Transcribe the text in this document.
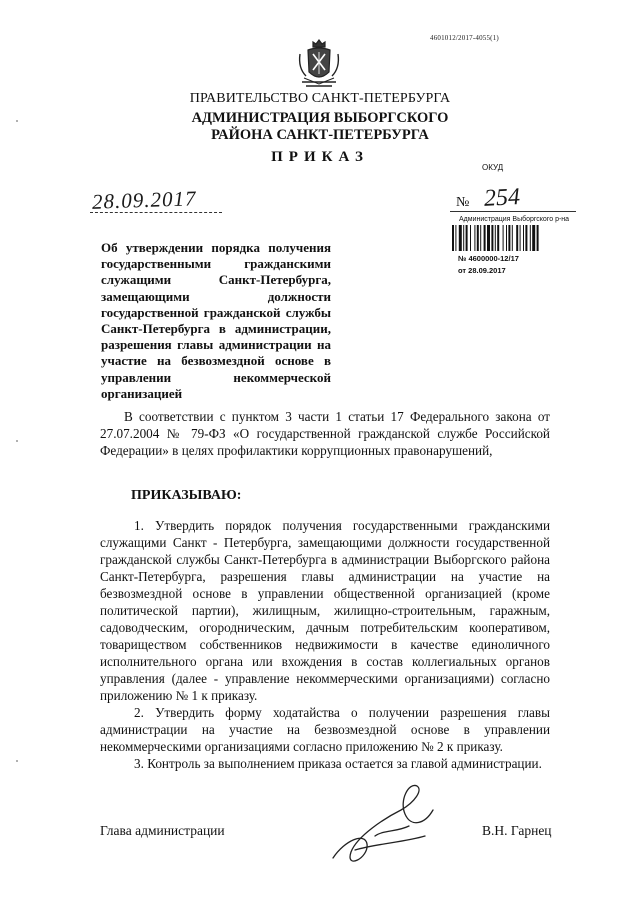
4601012/2017-4055(1)
ПРАВИТЕЛЬСТВО САНКТ-ПЕТЕРБУРГА
АДМИНИСТРАЦИЯ ВЫБОРГСКОГО
РАЙОНА САНКТ-ПЕТЕРБУРГА
ПРИКАЗ
ОКУД
28.09.2017	№ 254
Администрация Выборгского р-на
№ 4600000-12/17
от 28.09.2017
Об утверждении порядка получения государственными гражданскими служащими Санкт-Петербурга, замещающими должности государственной гражданской службы Санкт-Петербурга в администрации, разрешения главы администрации на участие на безвозмездной основе в управлении некоммерческой организацией
В соответствии с пунктом 3 части 1 статьи 17 Федерального закона от 27.07.2004 № 79-ФЗ «О государственной гражданской службе Российской Федерации» в целях профилактики коррупционных правонарушений,
ПРИКАЗЫВАЮ:

1. Утвердить порядок получения государственными гражданскими служащими Санкт - Петербурга, замещающими должности государственной гражданской службы Санкт-Петербурга в администрации Выборгского района Санкт-Петербурга, разрешения главы администрации на участие на безвозмездной основе в управлении общественной организацией (кроме политической партии), жилищным, жилищно-строительным, гаражным, садоводческим, огородническим, дачным потребительским кооперативом, товариществом собственников недвижимости в качестве единоличного исполнительного органа или вхождения в состав коллегиальных органов управления (далее - управление некоммерческими организациями) согласно приложению № 1 к приказу.

2. Утвердить форму ходатайства о получении разрешения главы администрации на участие на безвозмездной основе в управлении некоммерческими организациями согласно приложению № 2 к приказу.

3. Контроль за выполнением приказа остается за главой администрации.

Глава администрации	В.Н. Гарнец
